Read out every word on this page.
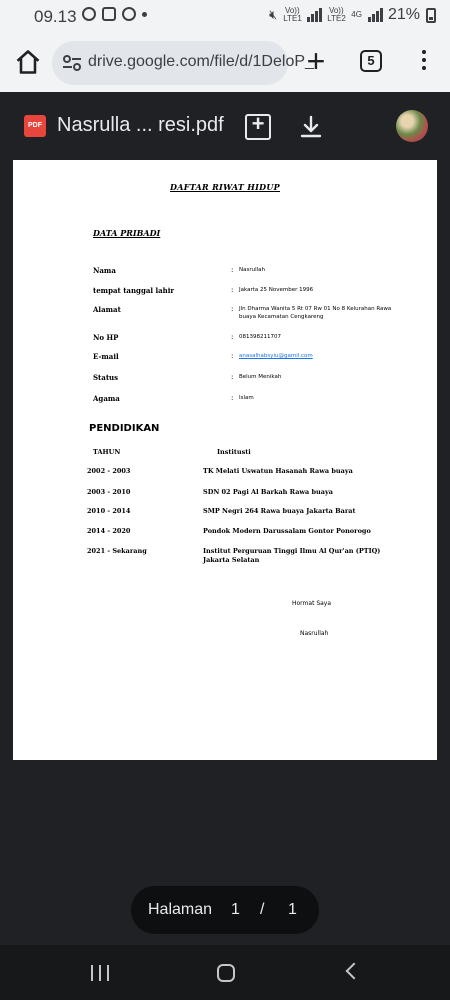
09.13	🔇︎ Vo)) LTE1
Vo)) LTE2 4G 21%
drive.google.com/file/d/1DeloP_
+	5
PDF Nasrulla ... resi.pdf
+
DAFTAR RIWAT HIDUP
DATA PRIBADI
Nama	: Nasrullah
tempat tanggal lahir	: Jakarta 25 November 1996
Alamat	: Jln Dharma Wanita 5 Rt 07 Rw 01 No 8 Kelurahan Rawa buaya Kecamatan Cengkareng
No HP	: 081398211707
E-mail	: anasalhabsyiu@gamil.com
Status	: Belum Menikah
Agama	: Islam
PENDIDIKAN
TAHUN	Institusti
2002 - 2003	TK Melati Uswatun Hasanah Rawa buaya
2003 - 2010	SDN 02 Pagi Al Barkah Rawa buaya
2010 - 2014	SMP Negri 264 Rawa buaya Jakarta Barat
2014 - 2020	Pondok Modern Darussalam Gontor Ponorogo
2021 - Sekarang	Institut Perguruan Tinggi Ilmu Al Qur'an (PTIQ) Jakarta Selatan
Hormat Saya
Nasrullah
Halaman 1 / 1
